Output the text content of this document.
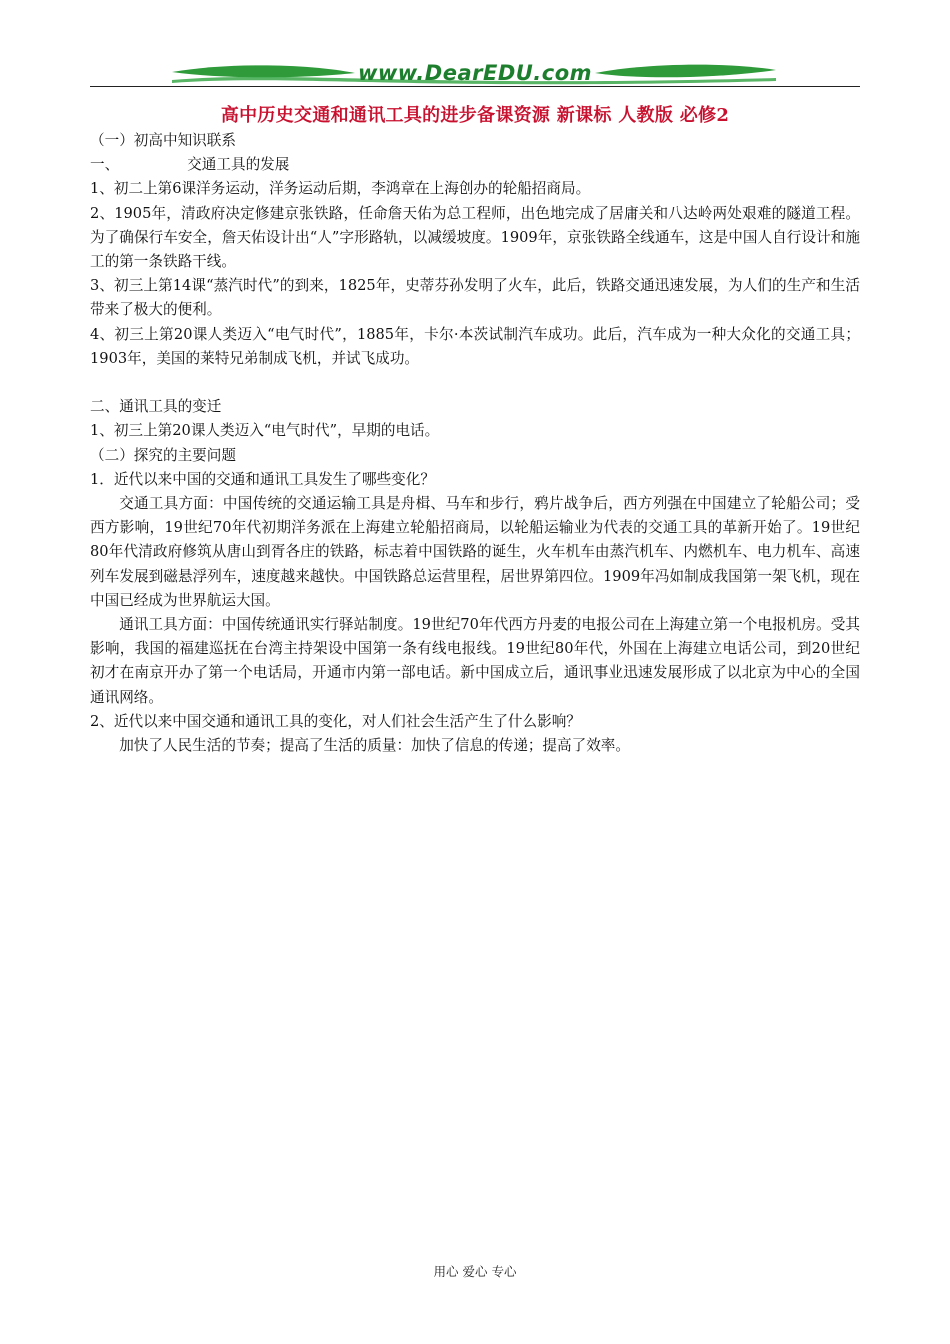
www.DearEDU.com
高中历史交通和通讯工具的进步备课资源 新课标 人教版 必修2

（一）初高中知识联系

一、	交通工具的发展

1、初二上第6课洋务运动，洋务运动后期，李鸿章在上海创办的轮船招商局。

2、1905年，清政府决定修建京张铁路，任命詹天佑为总工程师，出色地完成了居庸关和八达岭两处艰难的隧道工程。为了确保行车安全，詹天佑设计出“人”字形路轨，以减缓坡度。1909年，京张铁路全线通车，这是中国人自行设计和施工的第一条铁路干线。

3、初三上第14课“蒸汽时代”的到来，1825年，史蒂芬孙发明了火车，此后，铁路交通迅速发展，为人们的生产和生活带来了极大的便利。

4、初三上第20课人类迈入“电气时代”，1885年，卡尔·本茨试制汽车成功。此后，汽车成为一种大众化的交通工具；1903年，美国的莱特兄弟制成飞机，并试飞成功。

二、通讯工具的变迁

1、初三上第20课人类迈入“电气时代”，早期的电话。

（二）探究的主要问题

1．近代以来中国的交通和通讯工具发生了哪些变化？

交通工具方面：中国传统的交通运输工具是舟楫、马车和步行，鸦片战争后，西方列强在中国建立了轮船公司；受西方影响，19世纪70年代初期洋务派在上海建立轮船招商局，以轮船运输业为代表的交通工具的革新开始了。19世纪80年代清政府修筑从唐山到胥各庄的铁路，标志着中国铁路的诞生，火车机车由蒸汽机车、内燃机车、电力机车、高速列车发展到磁悬浮列车，速度越来越快。中国铁路总运营里程，居世界第四位。1909年冯如制成我国第一架飞机，现在中国已经成为世界航运大国。

通讯工具方面：中国传统通讯实行驿站制度。19世纪70年代西方丹麦的电报公司在上海建立第一个电报机房。受其影响，我国的福建巡抚在台湾主持架设中国第一条有线电报线。19世纪80年代，外国在上海建立电话公司，到20世纪初才在南京开办了第一个电话局，开通市内第一部电话。新中国成立后，通讯事业迅速发展形成了以北京为中心的全国通讯网络。

2、近代以来中国交通和通讯工具的变化，对人们社会生活产生了什么影响？

加快了人民生活的节奏；提高了生活的质量：加快了信息的传递；提高了效率。

用心 爱心 专心
